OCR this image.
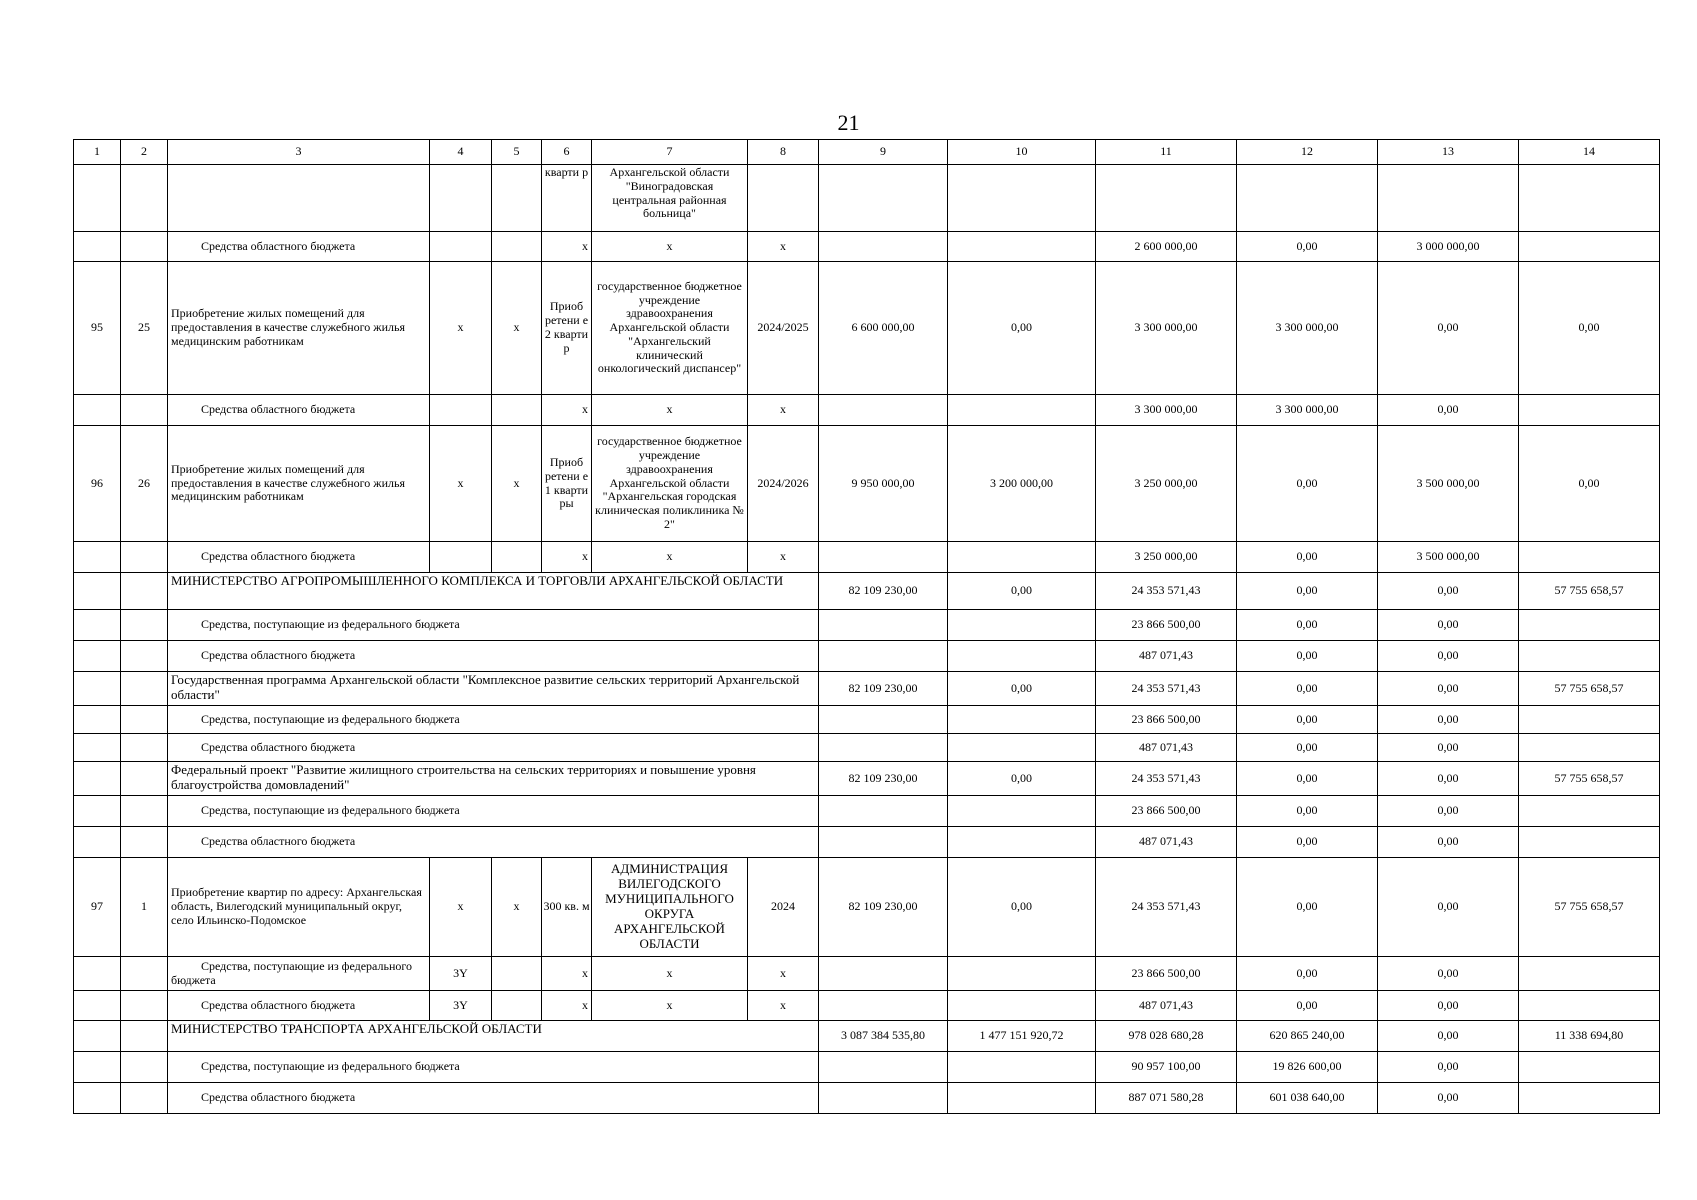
21
1	2	3	4	5	6	7	8	9	10	11	12	13	14
					кварти р	Архангельской области "Виноградовская центральная районная больница"							
		Средства областного бюджета			х	х	х			2 600 000,00	0,00	3 000 000,00	
95	25	Приобретение жилых помещений для предоставления в качестве служебного жилья медицинским работникам	х	х	Приоб ретени е 2 кварти р	государственное бюджетное учреждение здравоохранения Архангельской области "Архангельский клинический онкологический диспансер"	2024/2025	6 600 000,00	0,00	3 300 000,00	3 300 000,00	0,00	0,00
		Средства областного бюджета			х	х	х			3 300 000,00	3 300 000,00	0,00	
96	26	Приобретение жилых помещений для предоставления в качестве служебного жилья медицинским работникам	х	х	Приоб ретени е 1 кварти ры	государственное бюджетное учреждение здравоохранения Архангельской области "Архангельская городская клиническая поликлиника № 2"	2024/2026	9 950 000,00	3 200 000,00	3 250 000,00	0,00	3 500 000,00	0,00
		Средства областного бюджета			х	х	х			3 250 000,00	0,00	3 500 000,00	
		МИНИСТЕРСТВО АГРОПРОМЫШЛЕННОГО КОМПЛЕКСА И ТОРГОВЛИ АРХАНГЕЛЬСКОЙ ОБЛАСТИ						82 109 230,00	0,00	24 353 571,43	0,00	0,00	57 755 658,57
		Средства, поступающие из федерального бюджета								23 866 500,00	0,00	0,00	
		Средства областного бюджета								487 071,43	0,00	0,00	
		Государственная программа Архангельской области "Комплексное развитие сельских территорий Архангельской области"						82 109 230,00	0,00	24 353 571,43	0,00	0,00	57 755 658,57
		Средства, поступающие из федерального бюджета								23 866 500,00	0,00	0,00	
		Средства областного бюджета								487 071,43	0,00	0,00	
		Федеральный проект "Развитие жилищного строительства на сельских территориях и повышение уровня благоустройства домовладений"						82 109 230,00	0,00	24 353 571,43	0,00	0,00	57 755 658,57
		Средства, поступающие из федерального бюджета								23 866 500,00	0,00	0,00	
		Средства областного бюджета								487 071,43	0,00	0,00	
97	1	Приобретение квартир по адресу: Архангельская область, Вилегодский муниципальный округ, село Ильинско-Подомское	х	х	300 кв. м	АДМИНИСТРАЦИЯ ВИЛЕГОДСКОГО МУНИЦИПАЛЬНОГО ОКРУГА АРХАНГЕЛЬСКОЙ ОБЛАСТИ	2024	82 109 230,00	0,00	24 353 571,43	0,00	0,00	57 755 658,57
		Средства, поступающие из федерального бюджета	3Y		х	х	х			23 866 500,00	0,00	0,00	
		Средства областного бюджета	3Y		х	х	х			487 071,43	0,00	0,00	
		МИНИСТЕРСТВО ТРАНСПОРТА АРХАНГЕЛЬСКОЙ ОБЛАСТИ						3 087 384 535,80	1 477 151 920,72	978 028 680,28	620 865 240,00	0,00	11 338 694,80
		Средства, поступающие из федерального бюджета								90 957 100,00	19 826 600,00	0,00	
		Средства областного бюджета								887 071 580,28	601 038 640,00	0,00	
